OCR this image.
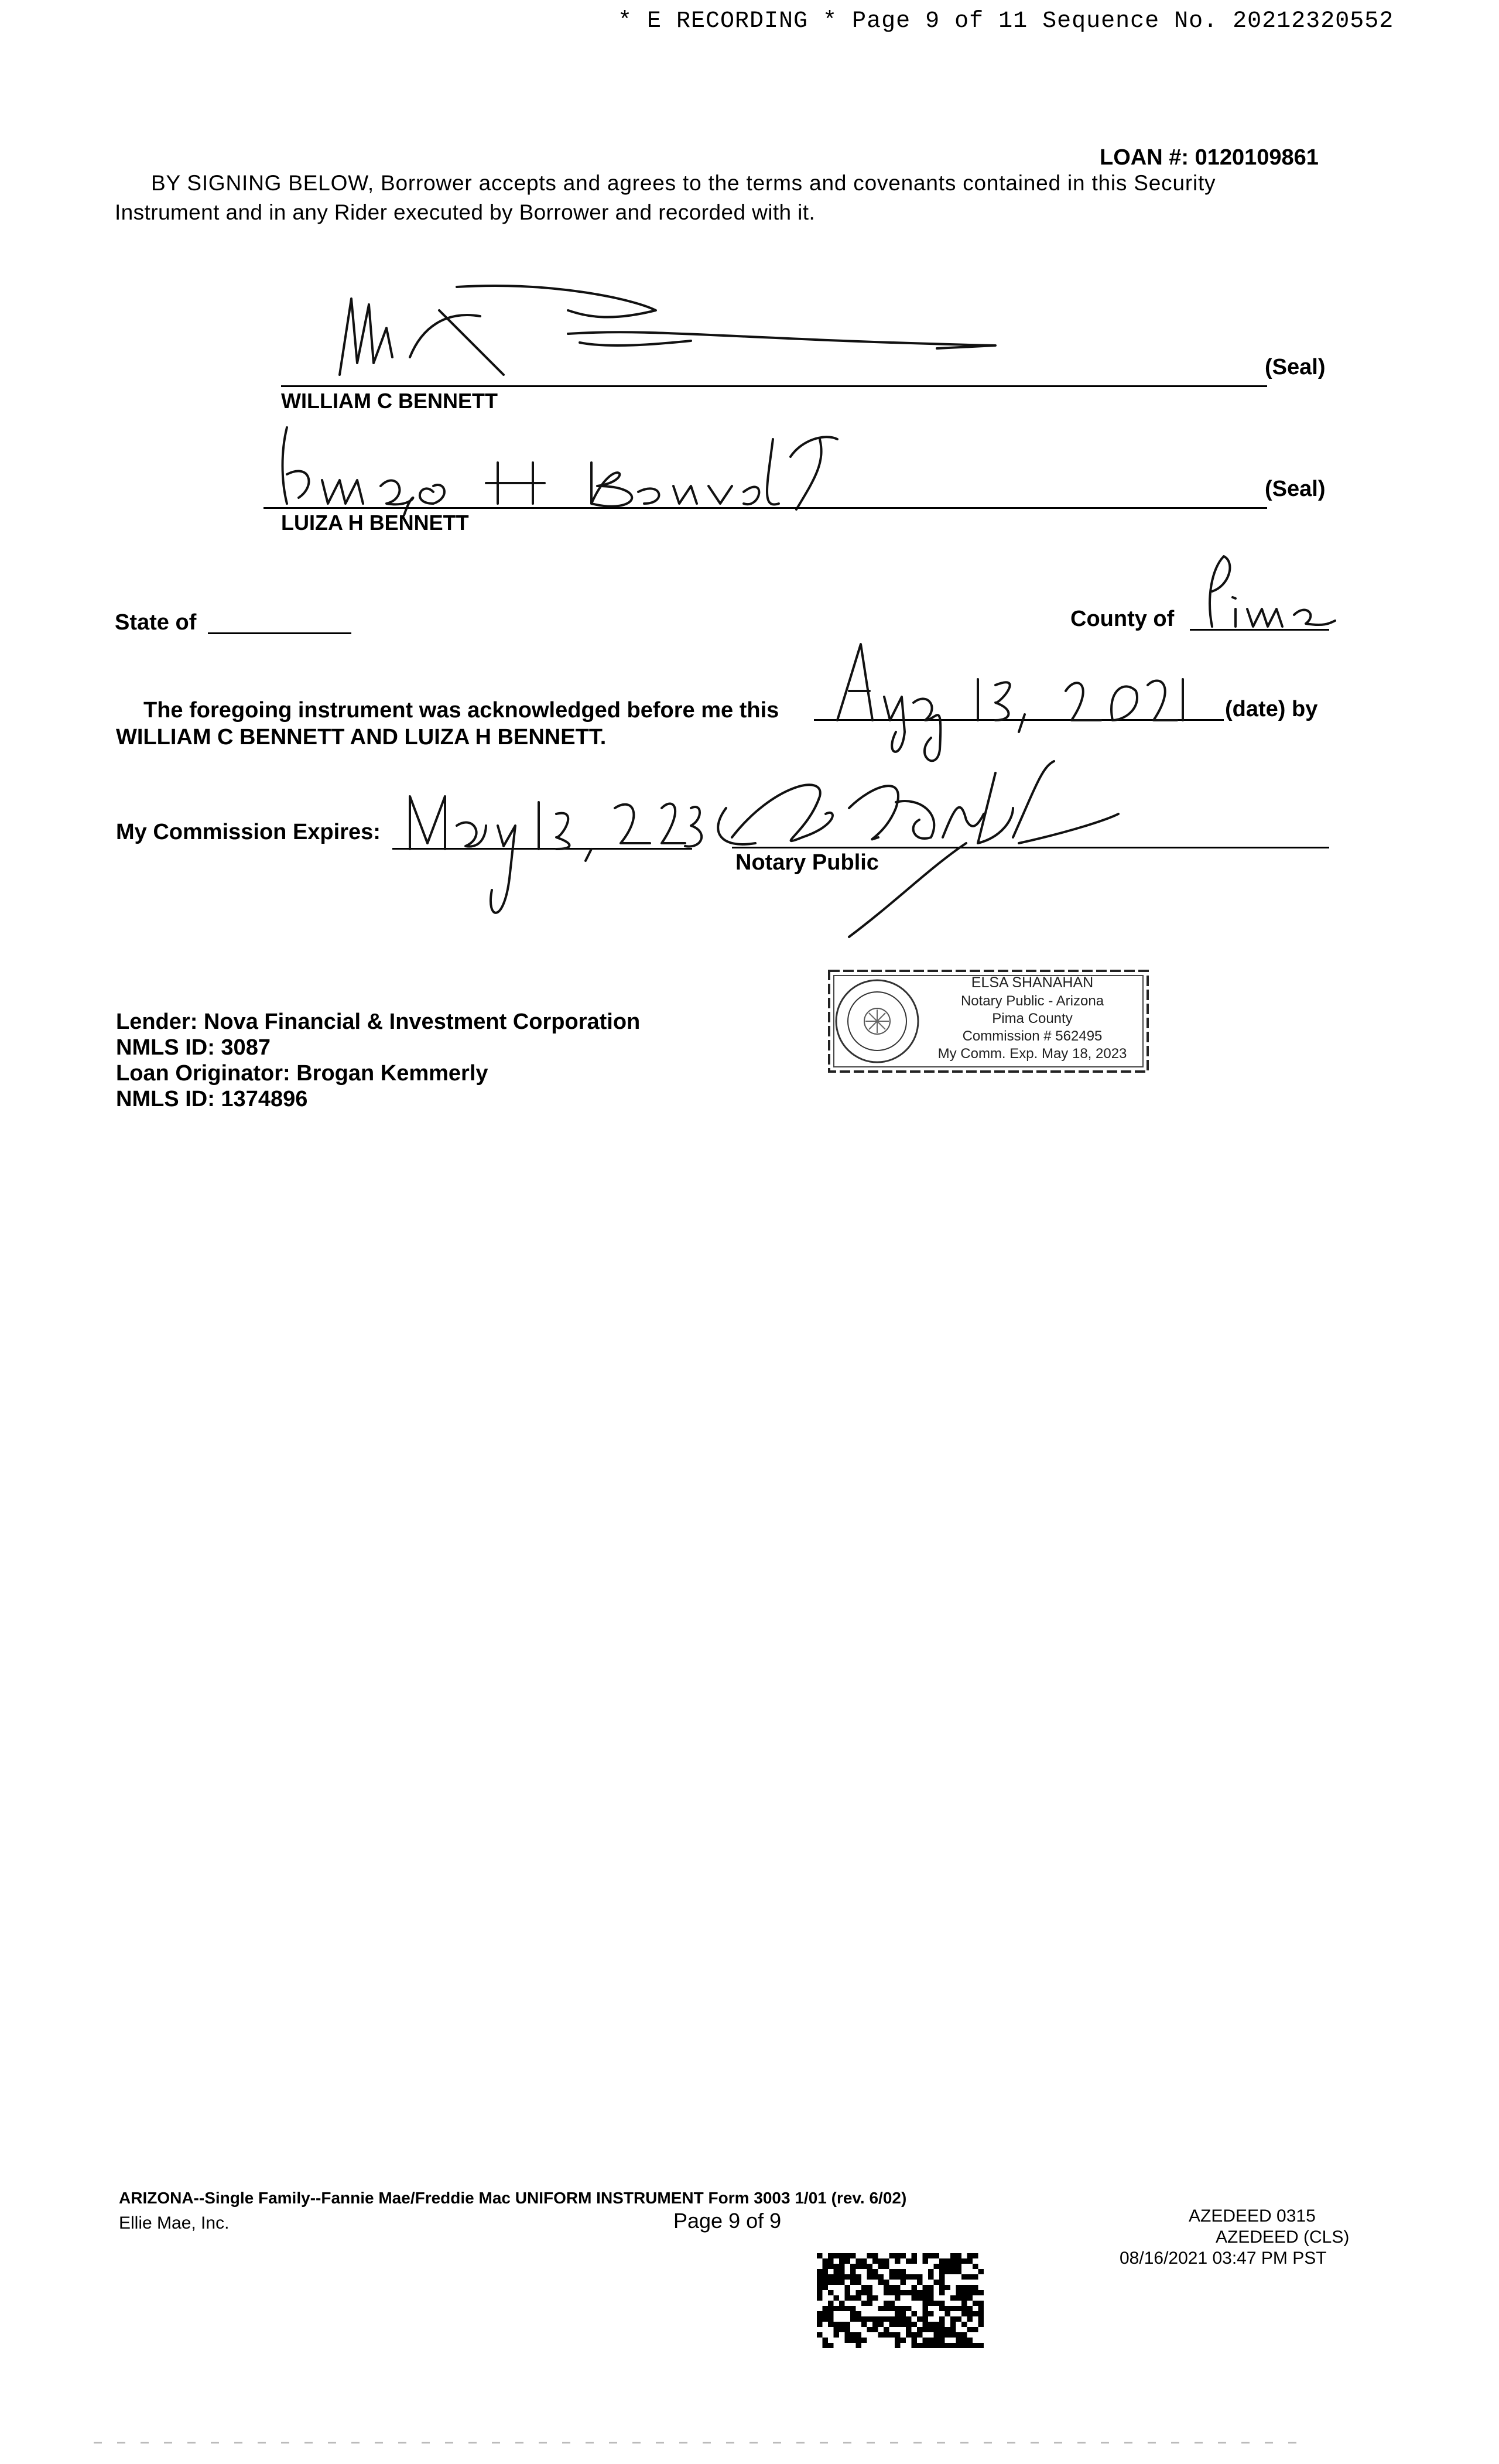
* E RECORDING * Page 9 of 11 Sequence No. 20212320552
LOAN #: 0120109861
BY SIGNING BELOW, Borrower accepts and agrees to the terms and covenants contained in this Security
Instrument and in any Rider executed by Borrower and recorded with it.
(Seal)
WILLIAM C BENNETT
(Seal)
LUIZA H BENNETT
State of	County of
The foregoing instrument was acknowledged before me this	(date) by
WILLIAM C BENNETT AND LUIZA H BENNETT.
My Commission Expires:
Notary Public
ELSA SHANAHAN
Notary Public - Arizona
Pima County
Commission # 562495
My Comm. Exp. May 18, 2023
Lender: Nova Financial & Investment Corporation
NMLS ID: 3087
Loan Originator: Brogan Kemmerly
NMLS ID: 1374896
ARIZONA--Single Family--Fannie Mae/Freddie Mac UNIFORM INSTRUMENT Form 3003 1/01 (rev. 6/02)
Ellie Mae, Inc.	Page 9 of 9	AZEDEED 0315
AZEDEED (CLS)
08/16/2021 03:47 PM PST
